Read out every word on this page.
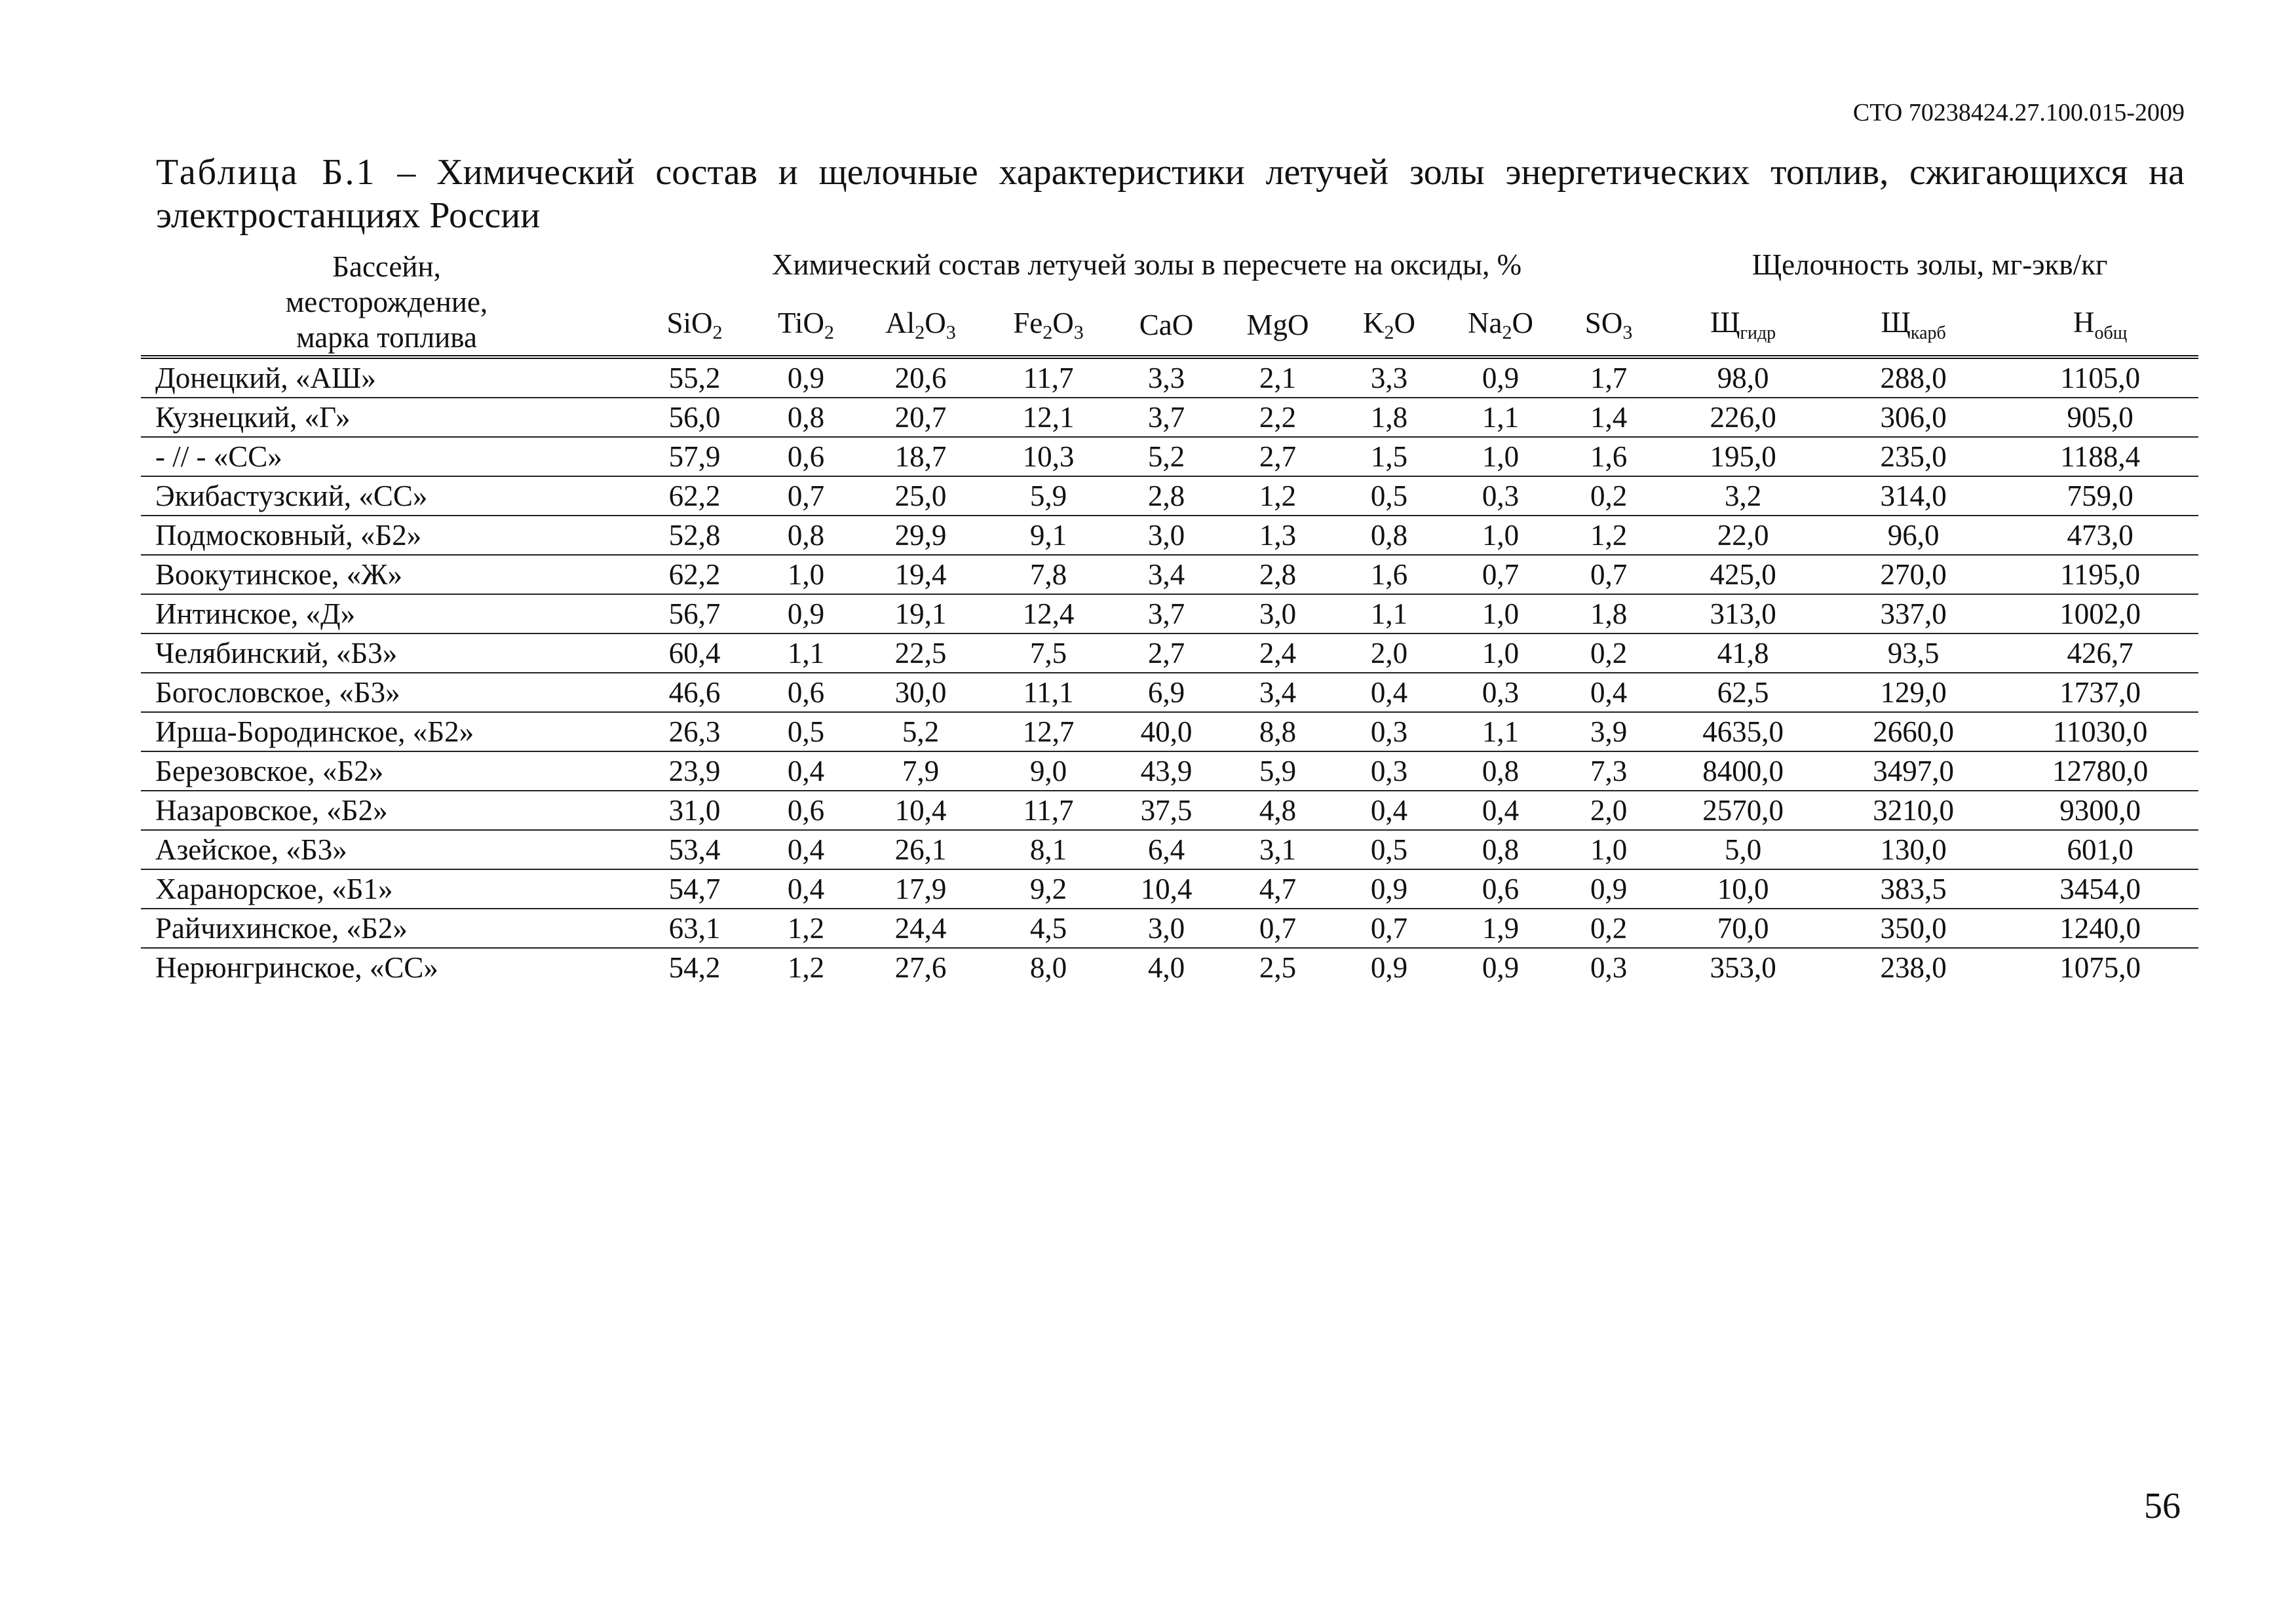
СТО 70238424.27.100.015-2009
Таблица Б.1 – Химический состав и щелочные характеристики летучей золы энергетических топлив, сжигающихся на электростанциях России
Бассейн,
месторождение,
марка топлива	Химический состав летучей золы в пересчете на оксиды, %									Щелочность золы, мг-экв/кг		
	SiO$_2$	TiO$_2$	$Al_2O_3$	$Fe_2O_3$	CaO	MgO	$K_2O$	$Na_2O$	$SO_3$	$Щ_{гидр}$	$Щ_{карб}$	$Н_{общ}$
Донецкий, «АШ»	55,2	0,9	20,6	11,7	3,3	2,1	3,3	0,9	1,7	98,0	288,0	1105,0
Кузнецкий, «Г»	56,0	0,8	20,7	12,1	3,7	2,2	1,8	1,1	1,4	226,0	306,0	905,0
- // - «СС»	57,9	0,6	18,7	10,3	5,2	2,7	1,5	1,0	1,6	195,0	235,0	1188,4
Экибастузский, «СС»	62,2	0,7	25,0	5,9	2,8	1,2	0,5	0,3	0,2	3,2	314,0	759,0
Подмосковный, «Б2»	52,8	0,8	29,9	9,1	3,0	1,3	0,8	1,0	1,2	22,0	96,0	473,0
Воокутинское, «Ж»	62,2	1,0	19,4	7,8	3,4	2,8	1,6	0,7	0,7	425,0	270,0	1195,0
Интинское, «Д»	56,7	0,9	19,1	12,4	3,7	3,0	1,1	1,0	1,8	313,0	337,0	1002,0
Челябинский, «Б3»	60,4	1,1	22,5	7,5	2,7	2,4	2,0	1,0	0,2	41,8	93,5	426,7
Богословское, «Б3»	46,6	0,6	30,0	11,1	6,9	3,4	0,4	0,3	0,4	62,5	129,0	1737,0
Ирша-Бородинское, «Б2»	26,3	0,5	5,2	12,7	40,0	8,8	0,3	1,1	3,9	4635,0	2660,0	11030,0
Березовское, «Б2»	23,9	0,4	7,9	9,0	43,9	5,9	0,3	0,8	7,3	8400,0	3497,0	12780,0
Назаровское, «Б2»	31,0	0,6	10,4	11,7	37,5	4,8	0,4	0,4	2,0	2570,0	3210,0	9300,0
Азейское, «Б3»	53,4	0,4	26,1	8,1	6,4	3,1	0,5	0,8	1,0	5,0	130,0	601,0
Харанорское, «Б1»	54,7	0,4	17,9	9,2	10,4	4,7	0,9	0,6	0,9	10,0	383,5	3454,0
Райчихинское, «Б2»	63,1	1,2	24,4	4,5	3,0	0,7	0,7	1,9	0,2	70,0	350,0	1240,0
Нерюнгринское, «СС»	54,2	1,2	27,6	8,0	4,0	2,5	0,9	0,9	0,3	353,0	238,0	1075,0
56
